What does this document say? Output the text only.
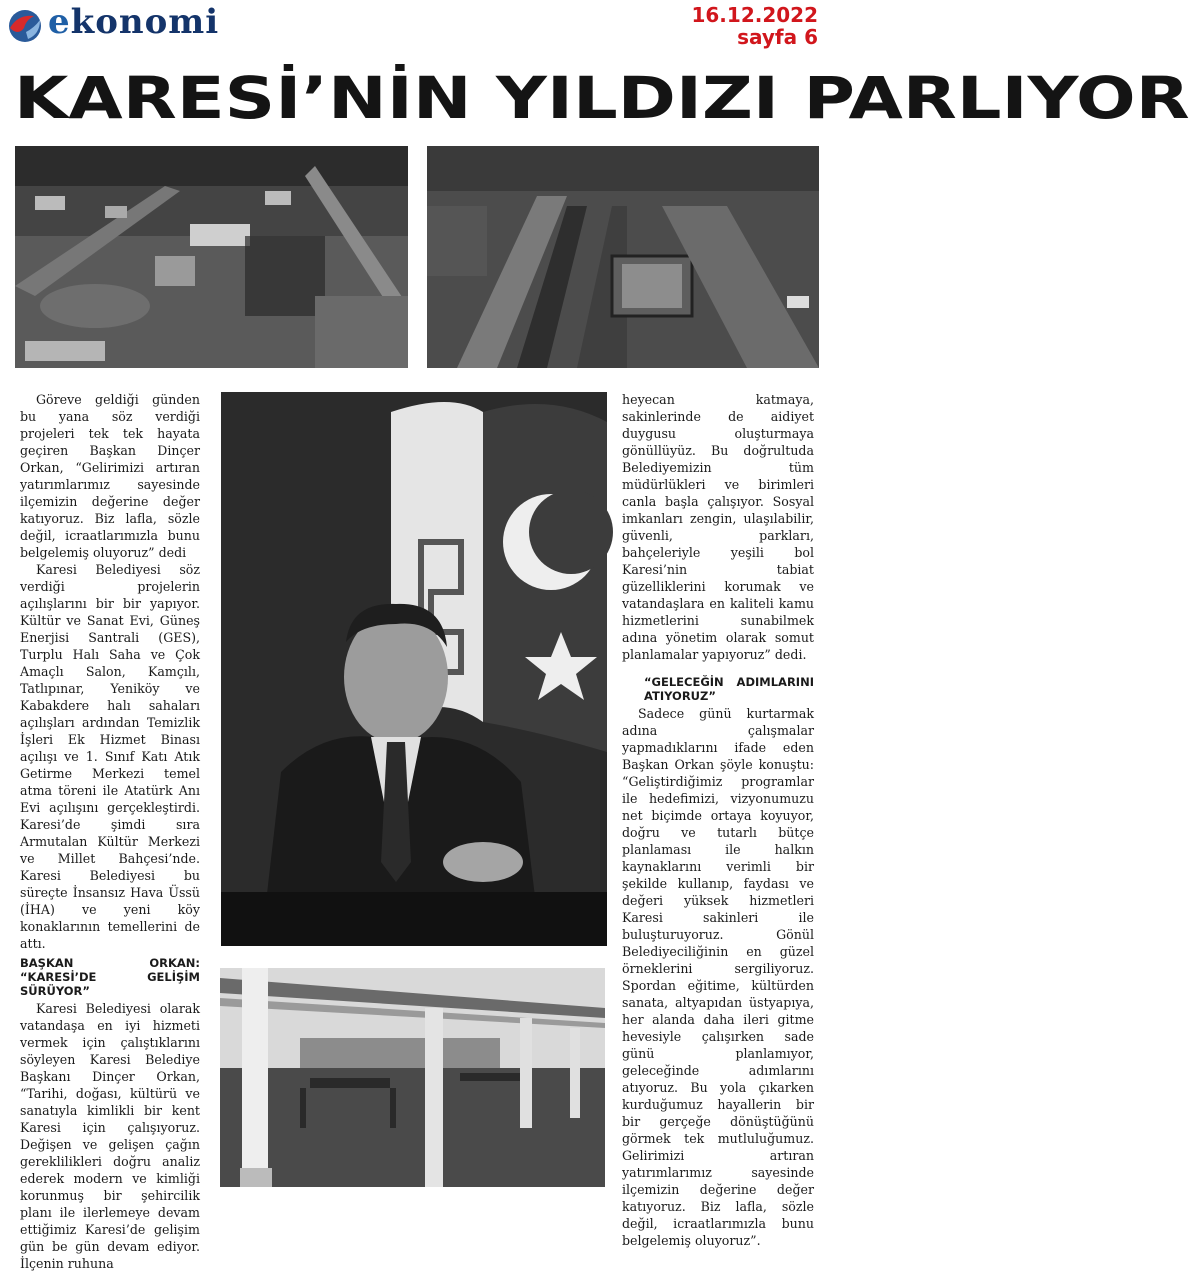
ekonomi	16.12.2022
sayfa 6
KARESİ’NİN YILDIZI PARLIYOR

Göreve geldiği günden bu yana söz verdiği projeleri tek tek hayata geçiren Başkan Dinçer Orkan, “Gelirimizi artıran yatırımlarımız sayesinde ilçemizin değerine değer katıyoruz. Biz lafla, sözle değil, icraatlarımızla bunu belgelemiş oluyoruz” dedi

Karesi Belediyesi söz verdiği projelerin açılışlarını bir bir yapıyor. Kültür ve Sanat Evi, Güneş Enerjisi Santrali (GES), Turplu Halı Saha ve Çok Amaçlı Salon, Kamçılı, Tatlıpınar, Yeniköy ve Kabakdere halı sahaları açılışları ardından Temizlik İşleri Ek Hizmet Binası açılışı ve 1. Sınıf Katı Atık Getirme Merkezi temel atma töreni ile Atatürk Anı Evi açılışını gerçekleştirdi. Karesi’de şimdi sıra Armutalan Kültür Merkezi ve Millet Bahçesi’nde. Karesi Belediyesi bu süreçte İnsansız Hava Üssü (İHA) ve yeni köy konaklarının temellerini de attı.

BAŞKAN ORKAN: “KARESİ’DE GELİŞİM SÜRÜYOR”

Karesi Belediyesi olarak vatandaşa en iyi hizmeti vermek için çalıştıklarını söyleyen Karesi Belediye Başkanı Dinçer Orkan, “Tarihi, doğası, kültürü ve sanatıyla kimlikli bir kent Karesi için çalışıyoruz. Değişen ve gelişen çağın gereklilikleri doğru analiz ederek modern ve kimliği korunmuş bir şehircilik planı ile ilerlemeye devam ettiğimiz Karesi’de gelişim gün be gün devam ediyor. İlçenin ruhuna

heyecan katmaya, sakinlerinde de aidiyet duygusu oluşturmaya gönüllüyüz. Bu doğrultuda Belediyemizin tüm müdürlükleri ve birimleri canla başla çalışıyor. Sosyal imkanları zengin, ulaşılabilir, güvenli, parkları, bahçeleriyle yeşili bol Karesi’nin tabiat güzelliklerini korumak ve vatandaşlara en kaliteli kamu hizmetlerini sunabilmek adına yönetim olarak somut planlamalar yapıyoruz” dedi.

“GELECEĞİN ADIMLARINI ATIYORUZ”

Sadece günü kurtarmak adına çalışmalar yapmadıklarını ifade eden Başkan Orkan şöyle konuştu: “Geliştirdiğimiz programlar ile hedefimizi, vizyonumuzu net biçimde ortaya koyuyor, doğru ve tutarlı bütçe planlaması ile halkın kaynaklarını verimli bir şekilde kullanıp, faydası ve değeri yüksek hizmetleri Karesi sakinleri ile buluşturuyoruz. Gönül Belediyeciliğinin en güzel örneklerini sergiliyoruz. Spordan eğitime, kültürden sanata, altyapıdan üstyapıya, her alanda daha ileri gitme hevesiyle çalışırken sade günü planlamıyor, geleceğinde adımlarını atıyoruz. Bu yola çıkarken kurduğumuz hayallerin bir bir gerçeğe dönüştüğünü görmek tek mutluluğumuz. Gelirimizi artıran yatırımlarımız sayesinde ilçemizin değerine değer katıyoruz. Biz lafla, sözle değil, icraatlarımızla bunu belgelemiş oluyoruz”.
